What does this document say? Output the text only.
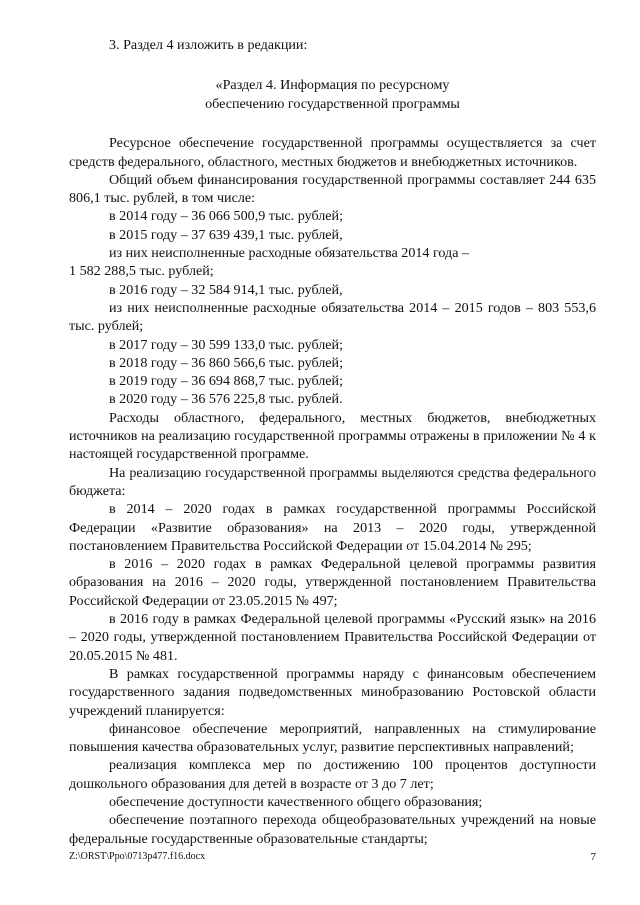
3. Раздел 4 изложить в редакции:

«Раздел 4. Информация по ресурсному
обеспечению государственной программы

Ресурсное обеспечение государственной программы осуществляется за счет средств федерального, областного, местных бюджетов и внебюджетных источников.

Общий объем финансирования государственной программы составляет 244 635 806,1 тыс. рублей, в том числе:

в 2014 году – 36 066 500,9 тыс. рублей;
в 2015 году – 37 639 439,1 тыс. рублей,
из них неисполненные расходные обязательства 2014 года –
1 582 288,5 тыс. рублей;
в 2016 году – 32 584 914,1 тыс. рублей,

из них неисполненные расходные обязательства 2014 – 2015 годов – 803 553,6 тыс. рублей;

в 2017 году – 30 599 133,0 тыс. рублей;
в 2018 году – 36 860 566,6 тыс. рублей;
в 2019 году – 36 694 868,7 тыс. рублей;
в 2020 году – 36 576 225,8 тыс. рублей.

Расходы областного, федерального, местных бюджетов, внебюджетных источников на реализацию государственной программы отражены в приложении № 4 к настоящей государственной программе.

На реализацию государственной программы выделяются средства федерального бюджета:

в 2014 – 2020 годах в рамках государственной программы Российской Федерации «Развитие образования» на 2013 – 2020 годы, утвержденной постановлением Правительства Российской Федерации от 15.04.2014 № 295;

в 2016 – 2020 годах в рамках Федеральной целевой программы развития образования на 2016 – 2020 годы, утвержденной постановлением Правительства Российской Федерации от 23.05.2015 № 497;

в 2016 году в рамках Федеральной целевой программы «Русский язык» на 2016 – 2020 годы, утвержденной постановлением Правительства Российской Федерации от 20.05.2015 № 481.

В рамках государственной программы наряду с финансовым обеспечением государственного задания подведомственных минобразованию Ростовской области учреждений планируется:

финансовое обеспечение мероприятий, направленных на стимулирование повышения качества образовательных услуг, развитие перспективных направлений;

реализация комплекса мер по достижению 100 процентов доступности дошкольного образования для детей в возрасте от 3 до 7 лет;

обеспечение доступности качественного общего образования;

обеспечение поэтапного перехода общеобразовательных учреждений на новые федеральные государственные образовательные стандарты;

Z:\ORST\Ppo\0713p477.f16.docx	7
